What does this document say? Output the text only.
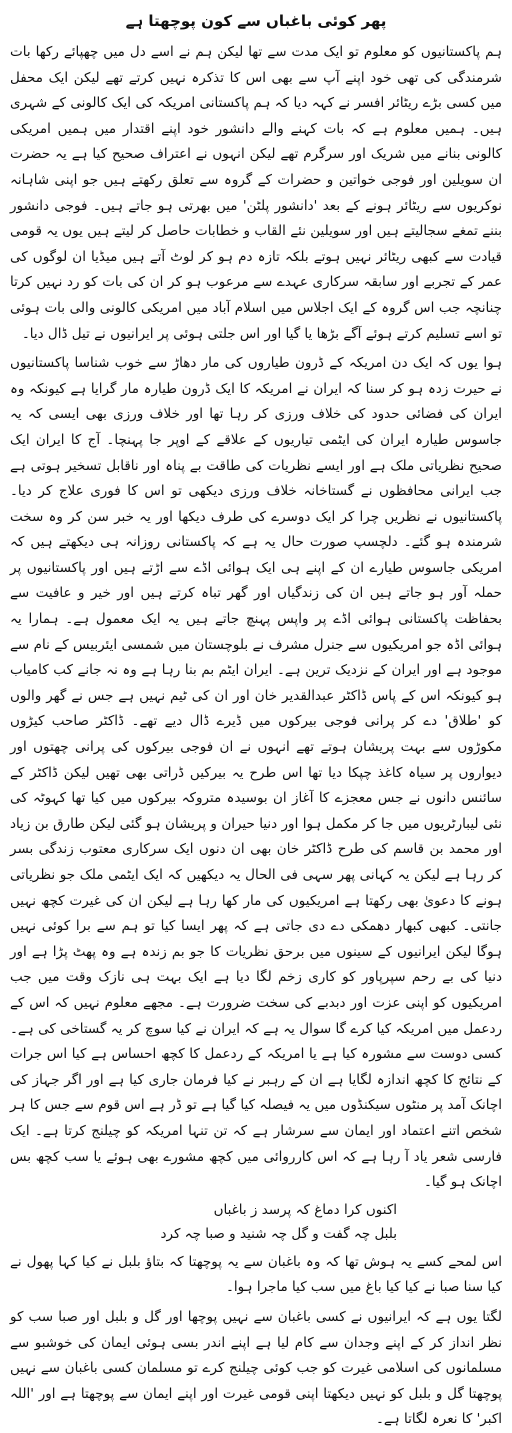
پھر کوئی باغباں سے کون پوچھتا ہے

ہم پاکستانیوں کو معلوم تو ایک مدت سے تھا لیکن ہم نے اسے دل میں چھپائے رکھا بات شرمندگی کی تھی خود اپنے آپ سے بھی اس کا تذکرہ نہیں کرتے تھے لیکن ایک محفل میں کسی بڑے ریٹائر افسر نے کہہ دیا کہ ہم پاکستانی امریکہ کی ایک کالونی کے شہری ہیں۔ ہمیں معلوم ہے کہ بات کہنے والے دانشور خود اپنے اقتدار میں ہمیں امریکی کالونی بنانے میں شریک اور سرگرم تھے لیکن انہوں نے اعتراف صحیح کیا ہے یہ حضرت ان سویلین اور فوجی خواتین و حضرات کے گروہ سے تعلق رکھتے ہیں جو اپنی شاہانہ نوکریوں سے ریٹائر ہونے کے بعد 'دانشور پلٹن' میں بھرتی ہو جاتے ہیں۔ فوجی دانشور بننے تمغے سجالیتے ہیں اور سویلین نئے القاب و خطابات حاصل کر لیتے ہیں یوں یہ قومی قیادت سے کبھی ریٹائر نہیں ہوتے بلکہ تازہ دم ہو کر لوٹ آتے ہیں میڈیا ان لوگوں کی عمر کے تجربے اور سابقہ سرکاری عہدے سے مرعوب ہو کر ان کی بات کو رد نہیں کرتا چنانچہ جب اس گروہ کے ایک اجلاس میں اسلام آباد میں امریکی کالونی والی بات ہوئی تو اسے تسلیم کرتے ہوئے آگے بڑھا یا گیا اور اس جلتی ہوئی پر ایرانیوں نے تیل ڈال دیا۔

ہوا یوں کہ ایک دن امریکہ کے ڈرون طیاروں کی مار دھاڑ سے خوب شناسا پاکستانیوں نے حیرت زدہ ہو کر سنا کہ ایران نے امریکہ کا ایک ڈرون طیارہ مار گرایا ہے کیونکہ وہ ایران کی فضائی حدود کی خلاف ورزی کر رہا تھا اور خلاف ورزی بھی ایسی کہ یہ جاسوس طیارہ ایران کی ایٹمی تیاریوں کے علاقے کے اوپر جا پہنچا۔ آج کا ایران ایک صحیح نظریاتی ملک ہے اور ایسے نظریات کی طاقت بے پناہ اور ناقابل تسخیر ہوتی ہے جب ایرانی محافظوں نے گستاخانہ خلاف ورزی دیکھی تو اس کا فوری علاج کر دیا۔ پاکستانیوں نے نظریں چرا کر ایک دوسرے کی طرف دیکھا اور یہ خبر سن کر وہ سخت شرمندہ ہو گئے۔ دلچسپ صورت حال یہ ہے کہ پاکستانی روزانہ ہی دیکھتے ہیں کہ امریکی جاسوس طیارے ان کے اپنے ہی ایک ہوائی اڈے سے اڑتے ہیں اور پاکستانیوں پر حملہ آور ہو جاتے ہیں ان کی زندگیاں اور گھر تباہ کرتے ہیں اور خیر و عافیت سے بحفاظت پاکستانی ہوائی اڈے پر واپس پہنچ جاتے ہیں یہ ایک معمول ہے۔ ہمارا یہ ہوائی اڈہ جو امریکیوں سے جنرل مشرف نے بلوچستان میں شمسی ایئربیس کے نام سے موجود ہے اور ایران کے نزدیک ترین ہے۔ ایران ایٹم بم بنا رہا ہے وہ نہ جانے کب کامیاب ہو کیونکہ اس کے پاس ڈاکٹر عبدالقدیر خان اور ان کی ٹیم نہیں ہے جس نے گھر والوں کو 'طلاق' دے کر پرانی فوجی بیرکوں میں ڈیرے ڈال دیے تھے۔ ڈاکٹر صاحب کیڑوں مکوڑوں سے بہت پریشان ہوتے تھے انہوں نے ان فوجی بیرکوں کی پرانی چھتوں اور دیواروں پر سیاہ کاغذ چپکا دیا تھا اس طرح یہ بیرکیں ڈراتی بھی تھیں لیکن ڈاکٹر کے سائنس دانوں نے جس معجزے کا آغاز ان بوسیدہ متروکہ بیرکوں میں کیا تھا کہوٹہ کی نئی لیبارٹریوں میں جا کر مکمل ہوا اور دنیا حیران و پریشان ہو گئی لیکن طارق بن زیاد اور محمد بن قاسم کی طرح ڈاکٹر خان بھی ان دنوں ایک سرکاری معتوب زندگی بسر کر رہا ہے لیکن یہ کہانی پھر سہی فی الحال یہ دیکھیں کہ ایک ایٹمی ملک جو نظریاتی ہونے کا دعویٰ بھی رکھتا ہے امریکیوں کی مار کھا رہا ہے لیکن ان کی غیرت کچھ نہیں جانتی۔ کبھی کبھار دھمکی دے دی جاتی ہے کہ پھر ایسا کیا تو ہم سے برا کوئی نہیں ہوگا لیکن ایرانیوں کے سینوں میں برحق نظریات کا جو بم زندہ ہے وہ پھٹ پڑا ہے اور دنیا کی بے رحم سپرپاور کو کاری زخم لگا دیا ہے ایک بہت ہی نازک وقت میں جب امریکیوں کو اپنی عزت اور دبدبے کی سخت ضرورت ہے۔ مجھے معلوم نہیں کہ اس کے ردعمل میں امریکہ کیا کرے گا سوال یہ ہے کہ ایران نے کیا سوچ کر یہ گستاخی کی ہے۔ کسی دوست سے مشورہ کیا ہے یا امریکہ کے ردعمل کا کچھ احساس ہے کیا اس جرات کے نتائج کا کچھ اندازہ لگایا ہے ان کے رہبر نے کیا فرمان جاری کیا ہے اور اگر جہاز کی اچانک آمد پر منٹوں سیکنڈوں میں یہ فیصلہ کیا گیا ہے تو ڈر ہے اس قوم سے جس کا ہر شخص اتنے اعتماد اور ایمان سے سرشار ہے کہ تن تنہا امریکہ کو چیلنج کرتا ہے۔ ایک فارسی شعر یاد آ رہا ہے کہ اس کارروائی میں کچھ مشورے بھی ہوئے یا سب کچھ بس اچانک ہو گیا۔

اکنوں کرا دماغ کہ پرسد ز باغباں
بلبل چہ گفت و گل چہ شنید و صبا چہ کرد

اس لمحے کسے یہ ہوش تھا کہ وہ باغبان سے یہ پوچھتا کہ بتاؤ بلبل نے کیا کہا پھول نے کیا سنا صبا نے کیا کیا باغ میں سب کیا ماجرا ہوا۔

لگتا یوں ہے کہ ایرانیوں نے کسی باغبان سے نہیں پوچھا اور گل و بلبل اور صبا سب کو نظر انداز کر کے اپنے وجدان سے کام لیا ہے اپنے اندر بسی ہوئی ایمان کی خوشبو سے مسلمانوں کی اسلامی غیرت کو جب کوئی چیلنج کرے تو مسلمان کسی باغبان سے نہیں پوچھتا گل و بلبل کو نہیں دیکھتا اپنی قومی غیرت اور اپنے ایمان سے پوچھتا ہے اور 'اللہ اکبر' کا نعرہ لگاتا ہے۔
